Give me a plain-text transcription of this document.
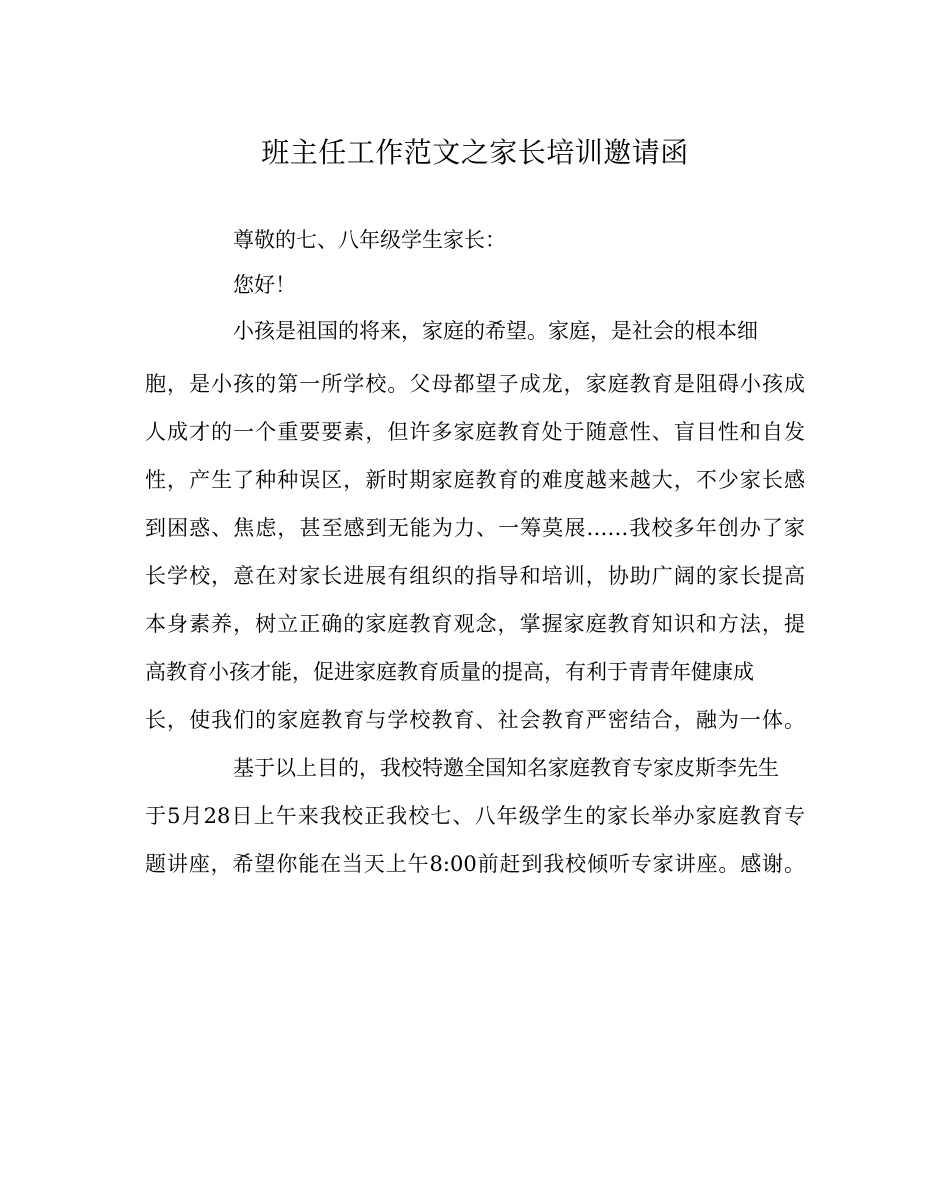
班主任工作范文之家长培训邀请函
尊敬的七、八年级学生家长：
您好！
小孩是祖国的将来，家庭的希望。家庭，是社会的根本细
胞，是小孩的第一所学校。父母都望子成龙，家庭教育是阻碍小孩成
人成才的一个重要要素，但许多家庭教育处于随意性、盲目性和自发
性，产生了种种误区，新时期家庭教育的难度越来越大，不少家长感
到困惑、焦虑，甚至感到无能为力、一筹莫展……我校多年创办了家
长学校，意在对家长进展有组织的指导和培训，协助广阔的家长提高
本身素养，树立正确的家庭教育观念，掌握家庭教育知识和方法，提
高教育小孩才能，促进家庭教育质量的提高，有利于青青年健康成
长，使我们的家庭教育与学校教育、社会教育严密结合，融为一体。
基于以上目的，我校特邀全国知名家庭教育专家皮斯李先生
于5月28日上午来我校正我校七、八年级学生的家长举办家庭教育专
题讲座，希望你能在当天上午8:00前赶到我校倾听专家讲座。感谢。
